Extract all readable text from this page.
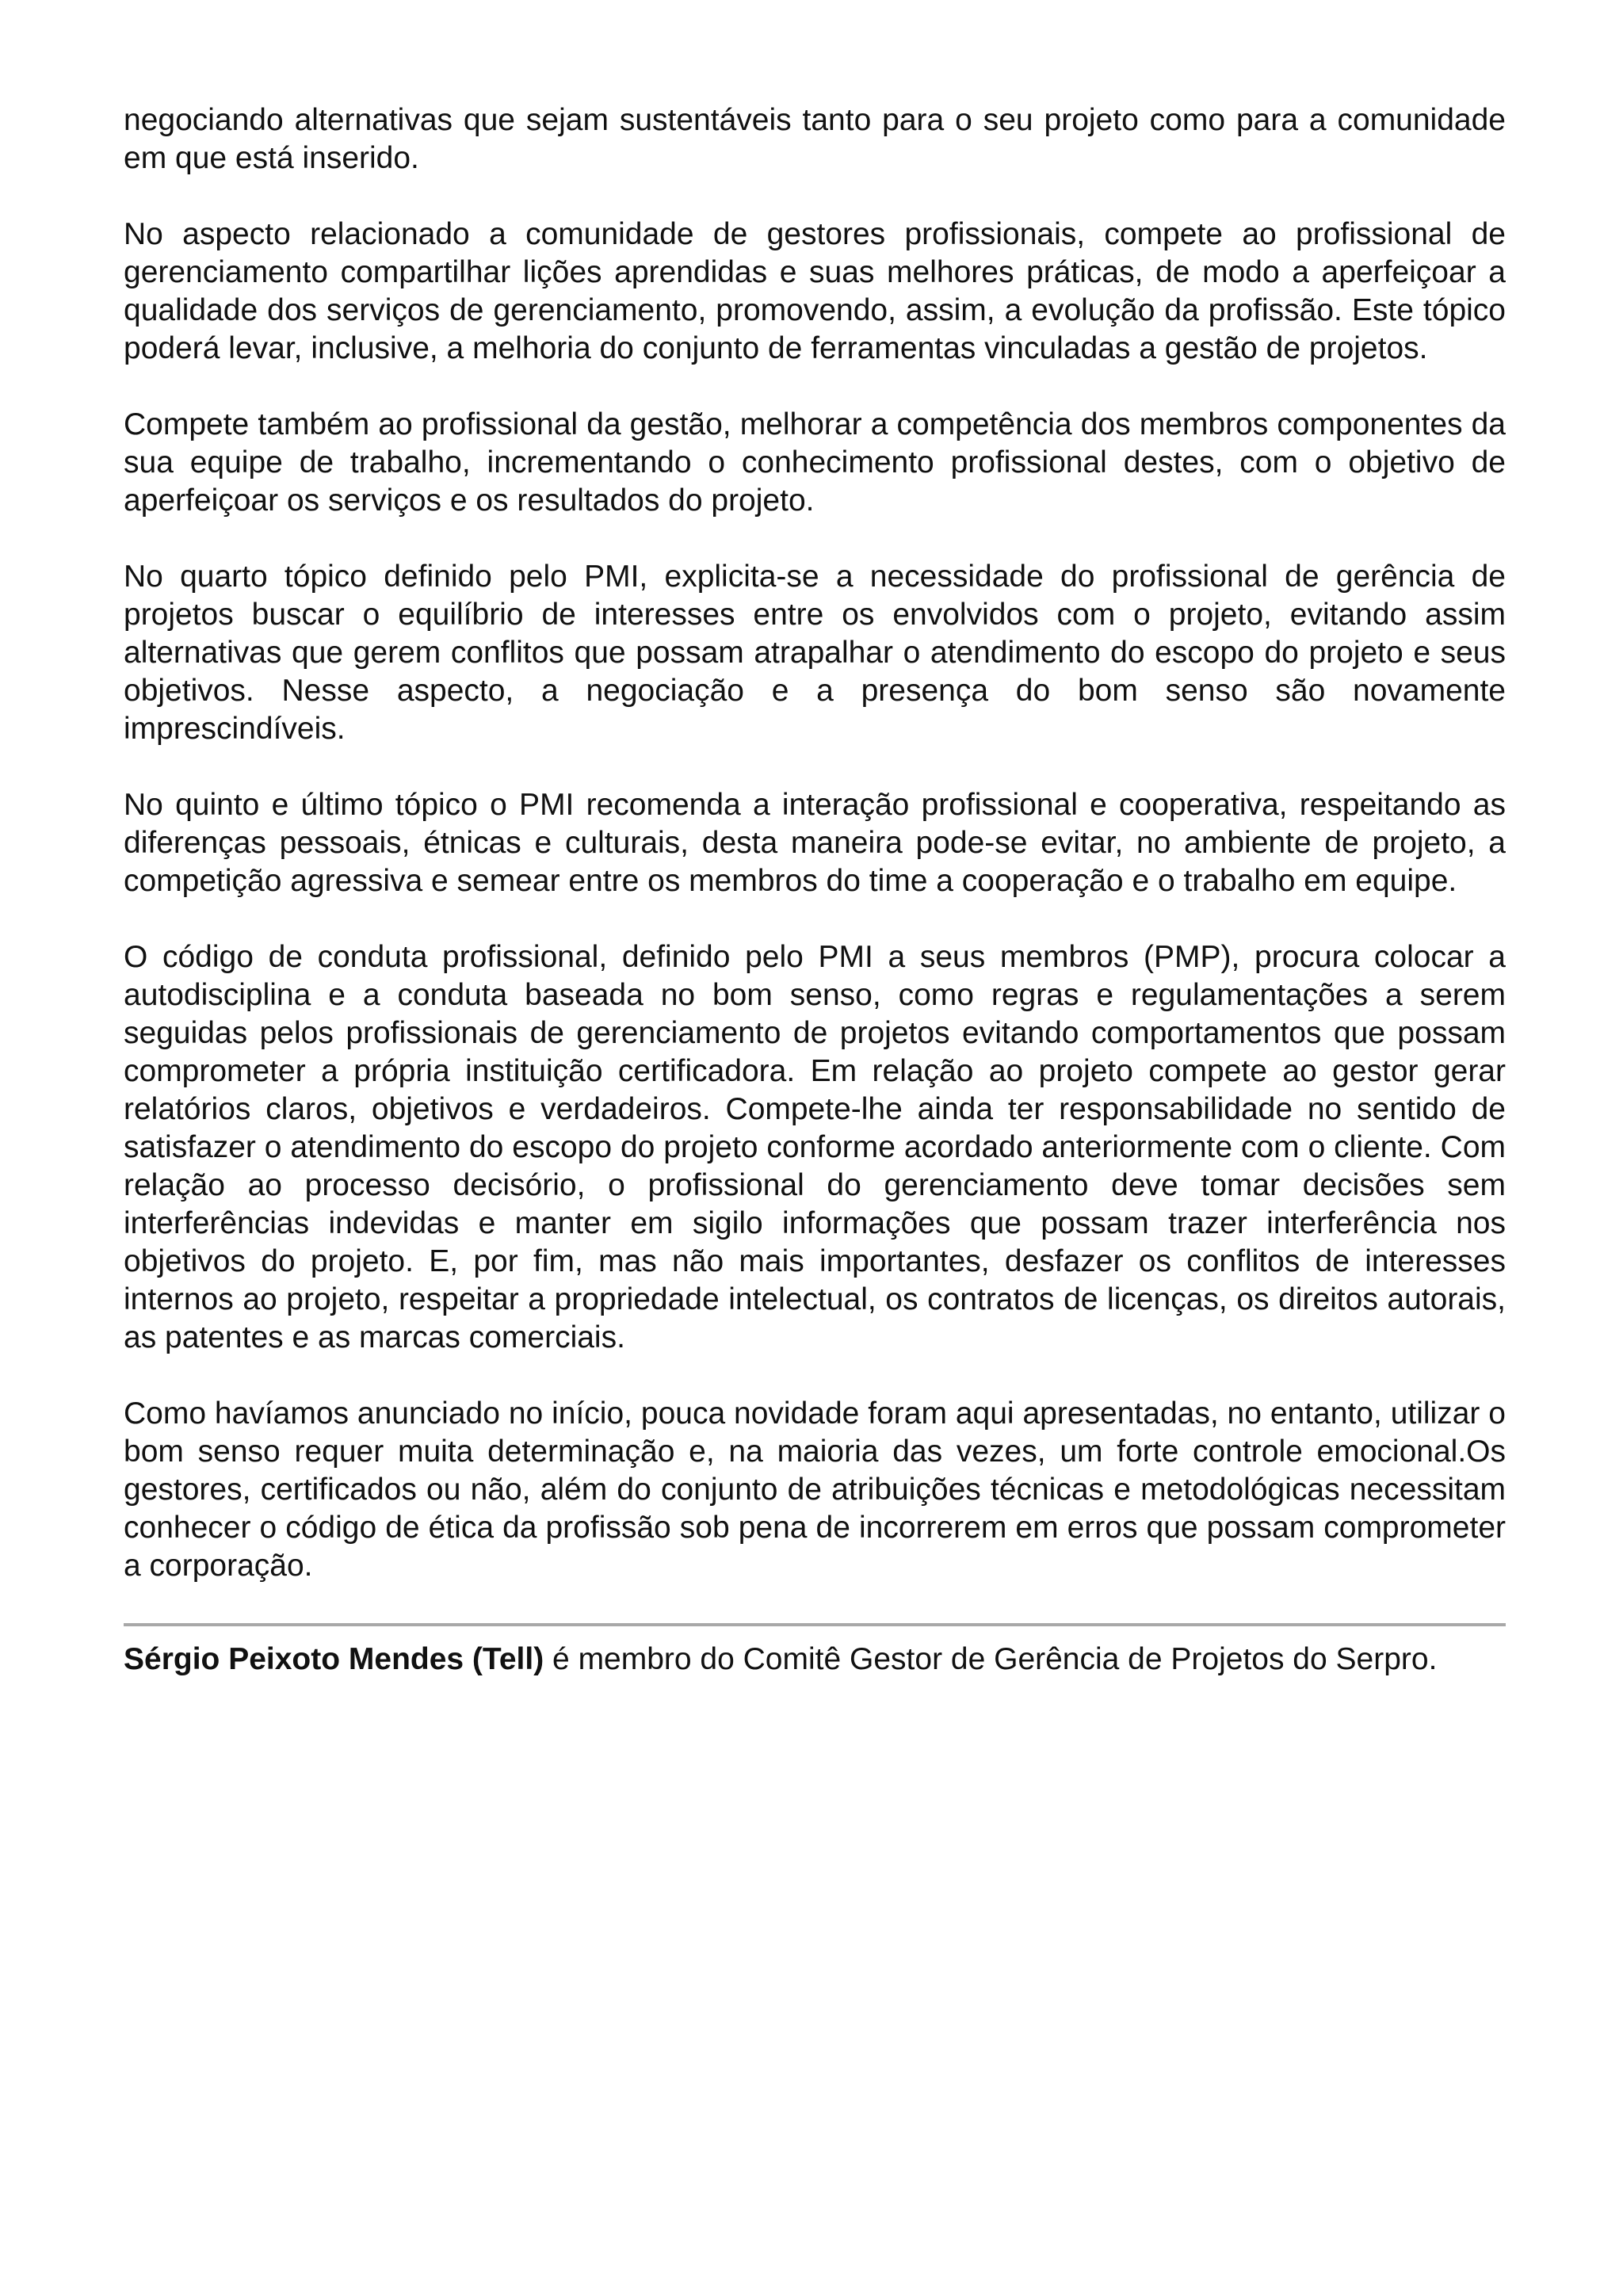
negociando alternativas que sejam sustentáveis tanto para o seu projeto como para a comunidade em que está inserido.

No aspecto relacionado a comunidade de gestores profissionais, compete ao profissional de gerenciamento compartilhar lições aprendidas e suas melhores práticas, de modo a aperfeiçoar a qualidade dos serviços de gerenciamento, promovendo, assim, a evolução da profissão. Este tópico poderá levar, inclusive, a melhoria do conjunto de ferramentas vinculadas a gestão de projetos.

Compete também ao profissional da gestão, melhorar a competência dos membros componentes da sua equipe de trabalho, incrementando o conhecimento profissional destes, com o objetivo de aperfeiçoar os serviços e os resultados do projeto.

No quarto tópico definido pelo PMI, explicita-se a necessidade do profissional de gerência de projetos buscar o equilíbrio de interesses entre os envolvidos com o projeto, evitando assim alternativas que gerem conflitos que possam atrapalhar o atendimento do escopo do projeto e seus objetivos. Nesse aspecto, a negociação e a presença do bom senso são novamente imprescindíveis.

No quinto e último tópico o PMI recomenda a interação profissional e cooperativa, respeitando as diferenças pessoais, étnicas e culturais, desta maneira pode-se evitar, no ambiente de projeto, a competição agressiva e semear entre os membros do time a cooperação e o trabalho em equipe.

O código de conduta profissional, definido pelo PMI a seus membros (PMP), procura colocar a autodisciplina e a conduta baseada no bom senso, como regras e regulamentações a serem seguidas pelos profissionais de gerenciamento de projetos evitando comportamentos que possam comprometer a própria instituição certificadora. Em relação ao projeto compete ao gestor gerar relatórios claros, objetivos e verdadeiros. Compete-lhe ainda ter responsabilidade no sentido de satisfazer o atendimento do escopo do projeto conforme acordado anteriormente com o cliente. Com relação ao processo decisório, o profissional do gerenciamento deve tomar decisões sem interferências indevidas e manter em sigilo informações que possam trazer interferência nos objetivos do projeto. E, por fim, mas não mais importantes, desfazer os conflitos de interesses internos ao projeto, respeitar a propriedade intelectual, os contratos de licenças, os direitos autorais, as patentes e as marcas comerciais.

Como havíamos anunciado no início, pouca novidade foram aqui apresentadas, no entanto, utilizar o bom senso requer muita determinação e, na maioria das vezes, um forte controle emocional.Os gestores, certificados ou não, além do conjunto de atribuições técnicas e metodológicas necessitam conhecer o código de ética da profissão sob pena de incorrerem em erros que possam comprometer a corporação.

Sérgio Peixoto Mendes (Tell) é membro do Comitê Gestor de Gerência de Projetos do Serpro.
